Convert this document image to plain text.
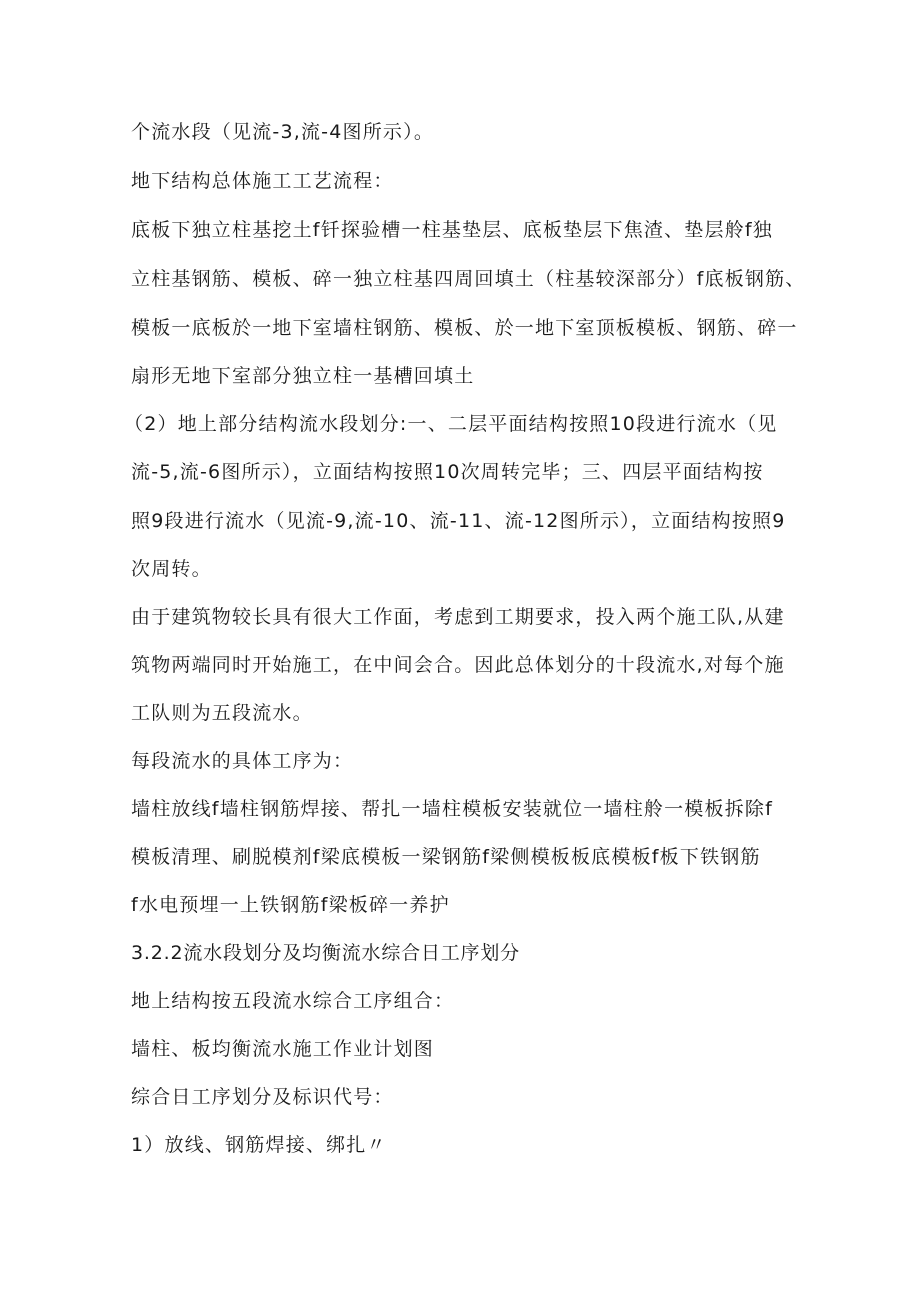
个流水段（见流-3,流-4图所示）。

地下结构总体施工工艺流程：

底板下独立柱基挖土f钎探验槽一柱基垫层、底板垫层下焦渣、垫层舲f独

立柱基钢筋、模板、碎一独立柱基四周回填土（柱基较深部分）f底板钢筋、

模板一底板於一地下室墙柱钢筋、模板、於一地下室顶板模板、钢筋、碎一

扇形无地下室部分独立柱一基槽回填土

（2）地上部分结构流水段划分:一、二层平面结构按照10段进行流水（见

流-5,流-6图所示），立面结构按照10次周转完毕；三、四层平面结构按

照9段进行流水（见流-9,流-10、流-11、流-12图所示），立面结构按照9

次周转。

由于建筑物较长具有很大工作面，考虑到工期要求，投入两个施工队,从建

筑物两端同时开始施工，在中间会合。因此总体划分的十段流水,对每个施

工队则为五段流水。

每段流水的具体工序为：

墙柱放线f墙柱钢筋焊接、帮扎一墙柱模板安装就位一墙柱舲一模板拆除f

模板清理、刷脱模剂f梁底模板一梁钢筋f梁侧模板板底模板f板下铁钢筋

f水电预埋一上铁钢筋f梁板碎一养护

3.2.2流水段划分及均衡流水综合日工序划分

地上结构按五段流水综合工序组合：

墙柱、板均衡流水施工作业计划图

综合日工序划分及标识代号：

1）放线、钢筋焊接、绑扎〃
